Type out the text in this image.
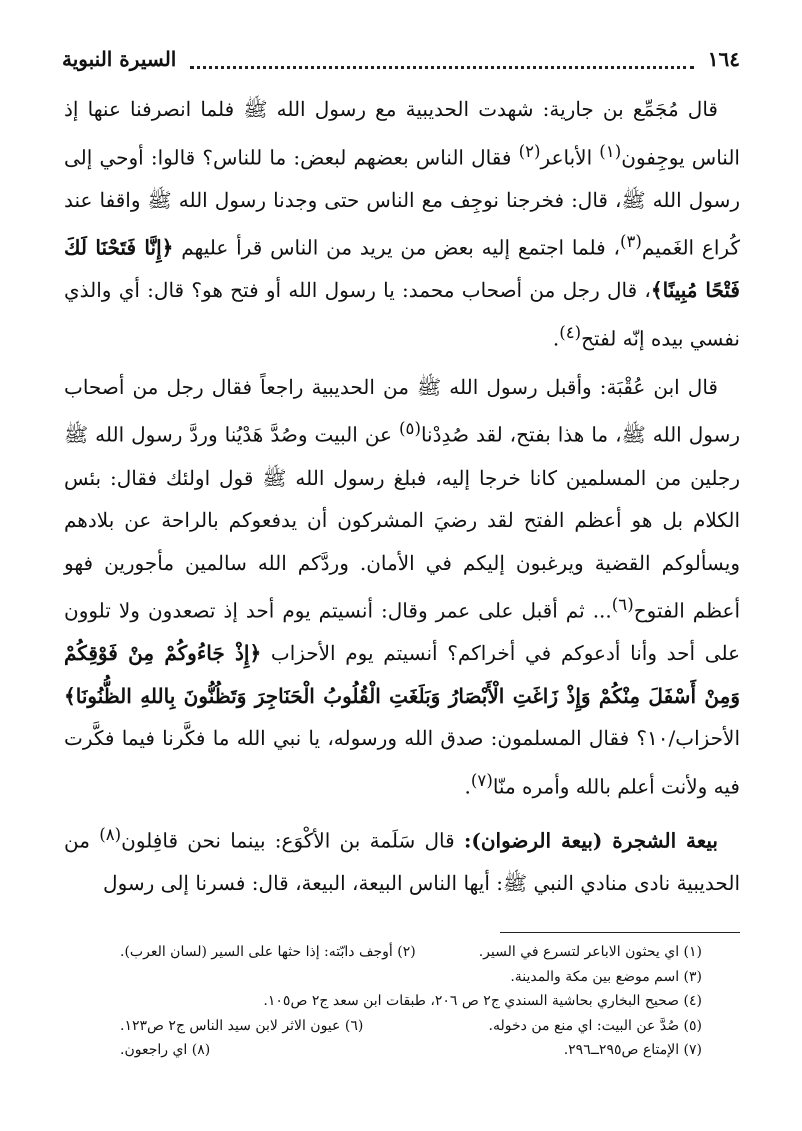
١٦٤
السيرة النبوية

قال مُجَمِّع بن جارية: شهدت الحديبية مع رسول الله ﷺ فلما انصرفنا عنها إذ الناس يوجِفون$^{(١)}$ الأباعر$^{(٢)}$ فقال الناس بعضهم لبعض: ما للناس؟ قالوا: أوحي إلى رسول الله ﷺ، قال: فخرجنا نوجِف مع الناس حتى وجدنا رسول الله ﷺ واقفا عند كُراع الغَميم$^{(٣)}$، فلما اجتمع إليه بعض من يريد من الناس قرأ عليهم ﴿إِنَّا فَتَحْنَا لَكَ فَتْحًا مُبِينًا﴾، قال رجل من أصحاب محمد: يا رسول الله أو فتح هو؟ قال: أي والذي نفسي بيده إنّه لفتح$^{(٤)}$.

قال ابن عُقْبَة: وأقبل رسول الله ﷺ من الحديبية راجعاً فقال رجل من أصحاب رسول الله ﷺ، ما هذا بفتح، لقد صُدِدْنا$^{(٥)}$ عن البيت وصُدَّ هَدْيُنا وردَّ رسول الله ﷺ رجلين من المسلمين كانا خرجا إليه، فبلغ رسول الله ﷺ قول اولئك فقال: بئس الكلام بل هو أعظم الفتح لقد رضيَ المشركون أن يدفعوكم بالراحة عن بلادهم ويسألوكم القضية ويرغبون إليكم في الأمان. وردَّكم الله سالمين مأجورين فهو أعظم الفتوح$^{(٦)}$... ثم أقبل على عمر وقال: أنسيتم يوم أحد إذ تصعدون ولا تلوون على أحد وأنا أدعوكم في أخراكم؟ أنسيتم يوم الأحزاب ﴿إِذْ جَاءُوكُمْ مِنْ فَوْقِكُمْ وَمِنْ أَسْفَلَ مِنْكُمْ وَإِذْ زَاغَتِ الْأَبْصَارُ وَبَلَغَتِ الْقُلُوبُ الْحَنَاجِرَ وَتَظُنُّونَ بِاللهِ الظُّنُونَا﴾ الأحزاب/١٠؟ فقال المسلمون: صدق الله ورسوله، يا نبي الله ما فكَّرنا فيما فكَّرت فيه ولأنت أعلم بالله وأمره منّا$^{(٧)}$.

بيعة الشجرة (بيعة الرضوان): قال سَلَمة بن الأكْوَع: بينما نحن قافِلون$^{(٨)}$ من الحديبية نادى منادي النبي ﷺ: أيها الناس البيعة، البيعة، قال: فسرنا إلى رسول

(١) اي يحثون الاباعر لتسرع في السير.
(٢) أوجف دابّته: إذا حثها على السير (لسان العرب).
(٣) اسم موضع بين مكة والمدينة.
(٤) صحيح البخاري بحاشية السندي ج٢ ص ٢٠٦، طبقات ابن سعد ج٢ ص١٠٥.
(٥) صُدَّ عن البيت: اي منع من دخوله.
(٦) عيون الاثر لابن سيد الناس ج٢ ص١٢٣.
(٧) الإمتاع ص٢٩٥ــ٢٩٦.
(٨) اي راجعون.
